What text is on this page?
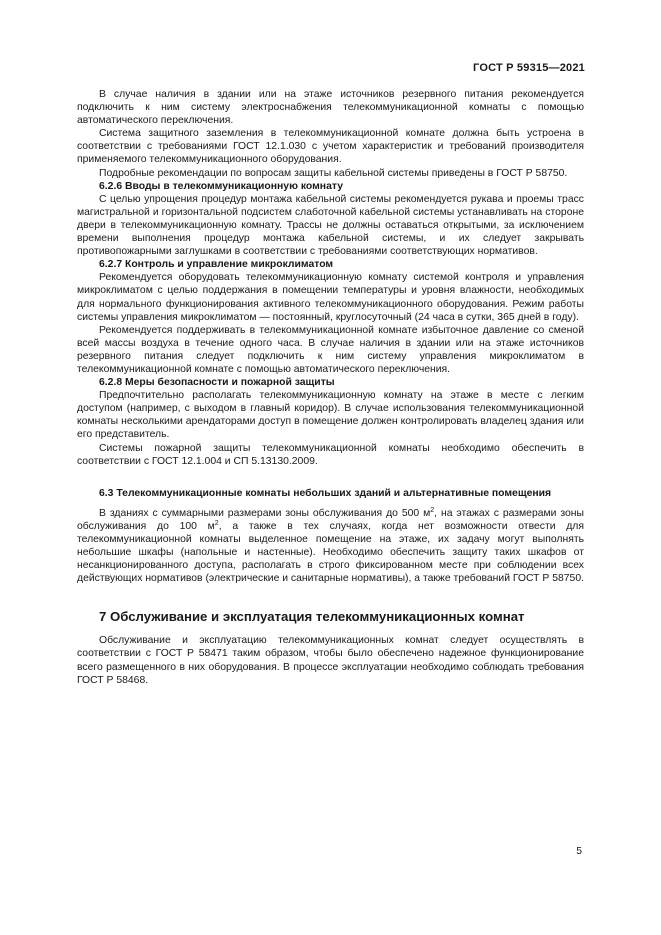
ГОСТ Р 59315—2021

В случае наличия в здании или на этаже источников резервного питания рекомендуется подключить к ним систему электроснабжения телекоммуникационной комнаты с помощью автоматического переключения.

Система защитного заземления в телекоммуникационной комнате должна быть устроена в соответствии с требованиями ГОСТ 12.1.030 с учетом характеристик и требований производителя применяемого телекоммуникационного оборудования.

Подробные рекомендации по вопросам защиты кабельной системы приведены в ГОСТ Р 58750.

6.2.6 Вводы в телекоммуникационную комнату

С целью упрощения процедур монтажа кабельной системы рекомендуется рукава и проемы трасс магистральной и горизонтальной подсистем слаботочной кабельной системы устанавливать на стороне двери в телекоммуникационную комнату. Трассы не должны оставаться открытыми, за исключением времени выполнения процедур монтажа кабельной системы, и их следует закрывать противопожарными заглушками в соответствии с требованиями соответствующих нормативов.

6.2.7 Контроль и управление микроклиматом

Рекомендуется оборудовать телекоммуникационную комнату системой контроля и управления микроклиматом с целью поддержания в помещении температуры и уровня влажности, необходимых для нормального функционирования активного телекоммуникационного оборудования. Режим работы системы управления микроклиматом — постоянный, круглосуточный (24 часа в сутки, 365 дней в году).

Рекомендуется поддерживать в телекоммуникационной комнате избыточное давление со сменой всей массы воздуха в течение одного часа. В случае наличия в здании или на этаже источников резервного питания следует подключить к ним систему управления микроклиматом в телекоммуникационной комнате с помощью автоматического переключения.

6.2.8 Меры безопасности и пожарной защиты

Предпочтительно располагать телекоммуникационную комнату на этаже в месте с легким доступом (например, с выходом в главный коридор). В случае использования телекоммуникационной комнаты несколькими арендаторами доступ в помещение должен контролировать владелец здания или его представитель.

Системы пожарной защиты телекоммуникационной комнаты необходимо обеспечить в соответствии с ГОСТ 12.1.004 и СП 5.13130.2009.

6.3 Телекоммуникационные комнаты небольших зданий и альтернативные помещения

В зданиях с суммарными размерами зоны обслуживания до 500 $м^2$, на этажах с размерами зоны обслуживания до 100 $м^2$, а также в тех случаях, когда нет возможности отвести для телекоммуникационной комнаты выделенное помещение на этаже, их задачу могут выполнять небольшие шкафы (напольные и настенные). Необходимо обеспечить защиту таких шкафов от несанкционированного доступа, располагать в строго фиксированном месте при соблюдении всех действующих нормативов (электрические и санитарные нормативы), а также требований ГОСТ Р 58750.

7 Обслуживание и эксплуатация телекоммуникационных комнат

Обслуживание и эксплуатацию телекоммуникационных комнат следует осуществлять в соответствии с ГОСТ Р 58471 таким образом, чтобы было обеспечено надежное функционирование всего размещенного в них оборудования. В процессе эксплуатации необходимо соблюдать требования ГОСТ Р 58468.

5
